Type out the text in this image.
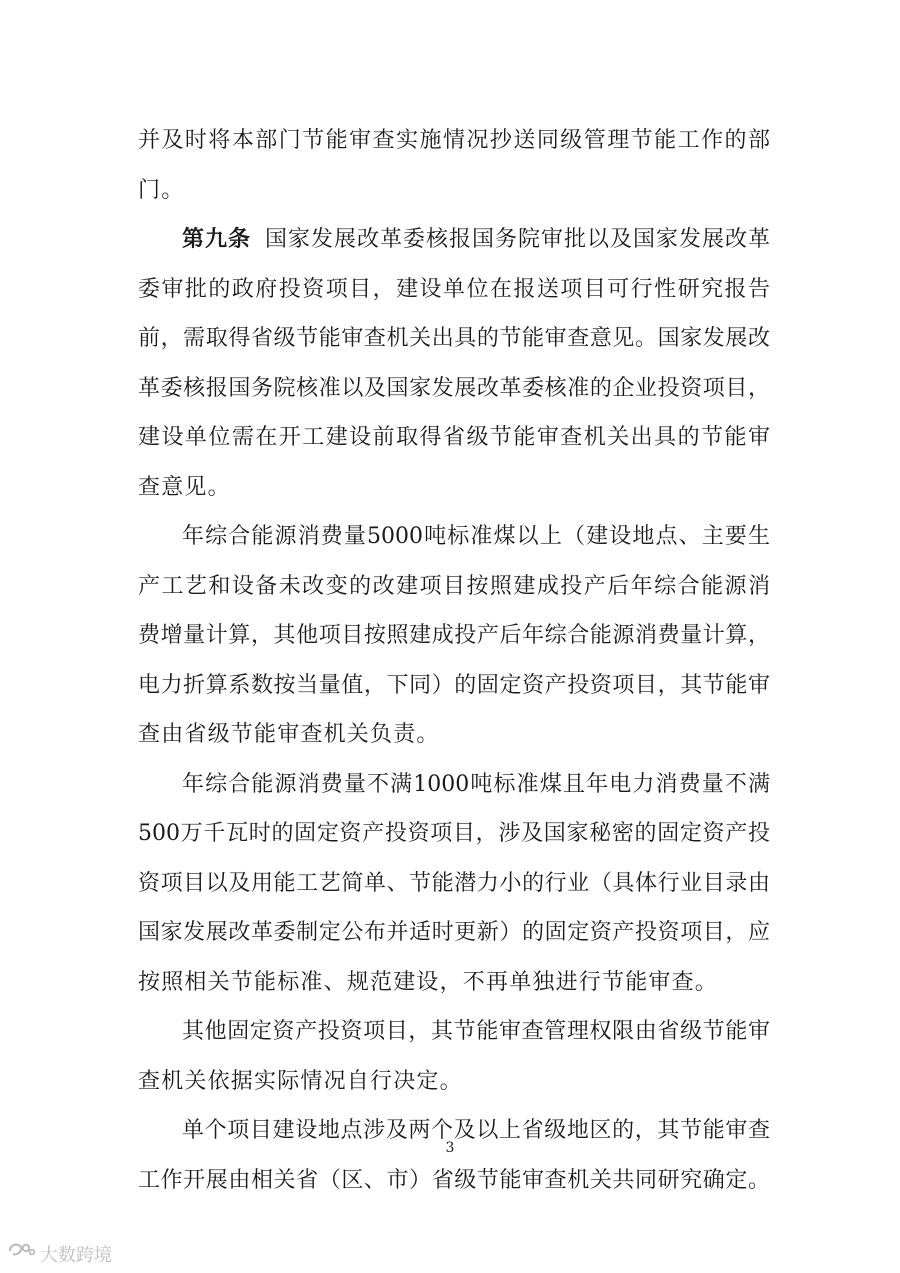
并及时将本部门节能审查实施情况抄送同级管理节能工作的部
门。
第九条 国家发展改革委核报国务院审批以及国家发展改革
委审批的政府投资项目，建设单位在报送项目可行性研究报告
前，需取得省级节能审查机关出具的节能审查意见。国家发展改
革委核报国务院核准以及国家发展改革委核准的企业投资项目，
建设单位需在开工建设前取得省级节能审查机关出具的节能审
查意见。
年综合能源消费量5000吨标准煤以上（建设地点、主要生
产工艺和设备未改变的改建项目按照建成投产后年综合能源消
费增量计算，其他项目按照建成投产后年综合能源消费量计算，
电力折算系数按当量值，下同）的固定资产投资项目，其节能审
查由省级节能审查机关负责。
年综合能源消费量不满1000吨标准煤且年电力消费量不满
500万千瓦时的固定资产投资项目，涉及国家秘密的固定资产投
资项目以及用能工艺简单、节能潜力小的行业（具体行业目录由
国家发展改革委制定公布并适时更新）的固定资产投资项目，应
按照相关节能标准、规范建设，不再单独进行节能审查。
其他固定资产投资项目，其节能审查管理权限由省级节能审
查机关依据实际情况自行决定。
单个项目建设地点涉及两个及以上省级地区的，其节能审查
工作开展由相关省（区、市）省级节能审查机关共同研究确定。
3
大数跨境
